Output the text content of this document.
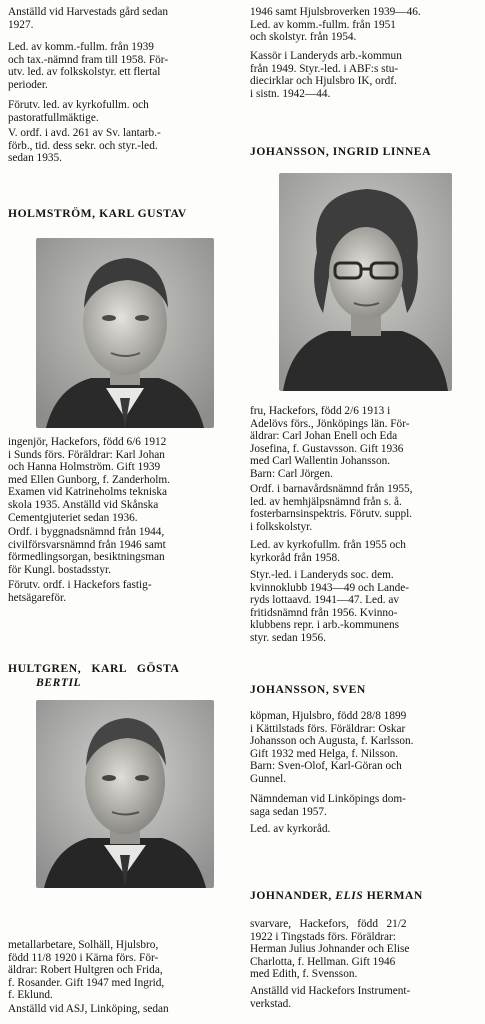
Anställd vid Harvestads gård sedan
1927.
Led. av komm.-fullm. från 1939
och tax.-nämnd fram till 1958. För-
utv. led. av folkskolstyr. ett flertal
perioder.
Förutv. led. av kyrkofullm. och
pastoratfullmäktige.
V. ordf. i avd. 261 av Sv. lantarb.-
förb., tid. dess sekr. och styr.-led.
sedan 1935.
HOLMSTRÖM, KARL GUSTAV
ingenjör, Hackefors, född 6/6 1912
i Sunds förs. Föräldrar: Karl Johan
och Hanna Holmström. Gift 1939
med Ellen Gunborg, f. Zanderholm.
Examen vid Katrineholms tekniska
skola 1935. Anställd vid Skånska
Cementgjuteriet sedan 1936.
Ordf. i byggnadsnämnd från 1944,
civilförsvarsnämnd från 1946 samt
förmedlingsorgan, besiktningsman
för Kungl. bostadsstyr.
Förutv. ordf. i Hackefors fastig-
hetsägareför.
HULTGREN,   KARL   GÖSTA
BERTIL
metallarbetare, Solhäll, Hjulsbro,
född 11/8 1920 i Kärna förs. För-
äldrar: Robert Hultgren och Frida,
f. Rosander. Gift 1947 med Ingrid,
f. Eklund.
Anställd vid ASJ, Linköping, sedan
1946 samt Hjulsbroverken 1939—46.
Led. av komm.-fullm. från 1951
och skolstyr. från 1954.
Kassör i Landeryds arb.-kommun
från 1949. Styr.-led. i ABF:s stu-
diecirklar och Hjulsbro IK, ordf.
i sistn. 1942—44.
JOHANSSON, INGRID LINNEA
fru, Hackefors, född 2/6 1913 i
Adelövs förs., Jönköpings län. För-
äldrar: Carl Johan Enell och Eda
Josefina, f. Gustavsson. Gift 1936
med Carl Wallentin Johansson.
Barn: Carl Jörgen.
Ordf. i barnavårdsnämnd från 1955,
led. av hemhjälpsnämnd från s. å.
fosterbarnsinspektris. Förutv. suppl.
i folkskolstyr.
Led. av kyrkofullm. från 1955 och
kyrkoråd från 1958.
Styr.-led. i Landeryds soc. dem.
kvinnoklubb 1943—49 och Lande-
ryds lottaavd. 1941—47. Led. av
fritidsnämnd från 1956. Kvinno-
klubbens repr. i arb.-kommunens
styr. sedan 1956.
JOHANSSON, SVEN
köpman, Hjulsbro, född 28/8 1899
i Kättilstads förs. Föräldrar: Oskar
Johansson och Augusta, f. Karlsson.
Gift 1932 med Helga, f. Nilsson.
Barn: Sven-Olof, Karl-Göran och
Gunnel.
Nämndeman vid Linköpings dom-
saga sedan 1957.
Led. av kyrkoråd.
JOHNANDER, ELIS HERMAN
svarvare,   Hackefors,   född   21/2
1922 i Tingstads förs. Föräldrar:
Herman Julius Johnander och Elise
Charlotta, f. Hellman. Gift 1946
med Edith, f. Svensson.
Anställd vid Hackefors Instrument-
verkstad.
